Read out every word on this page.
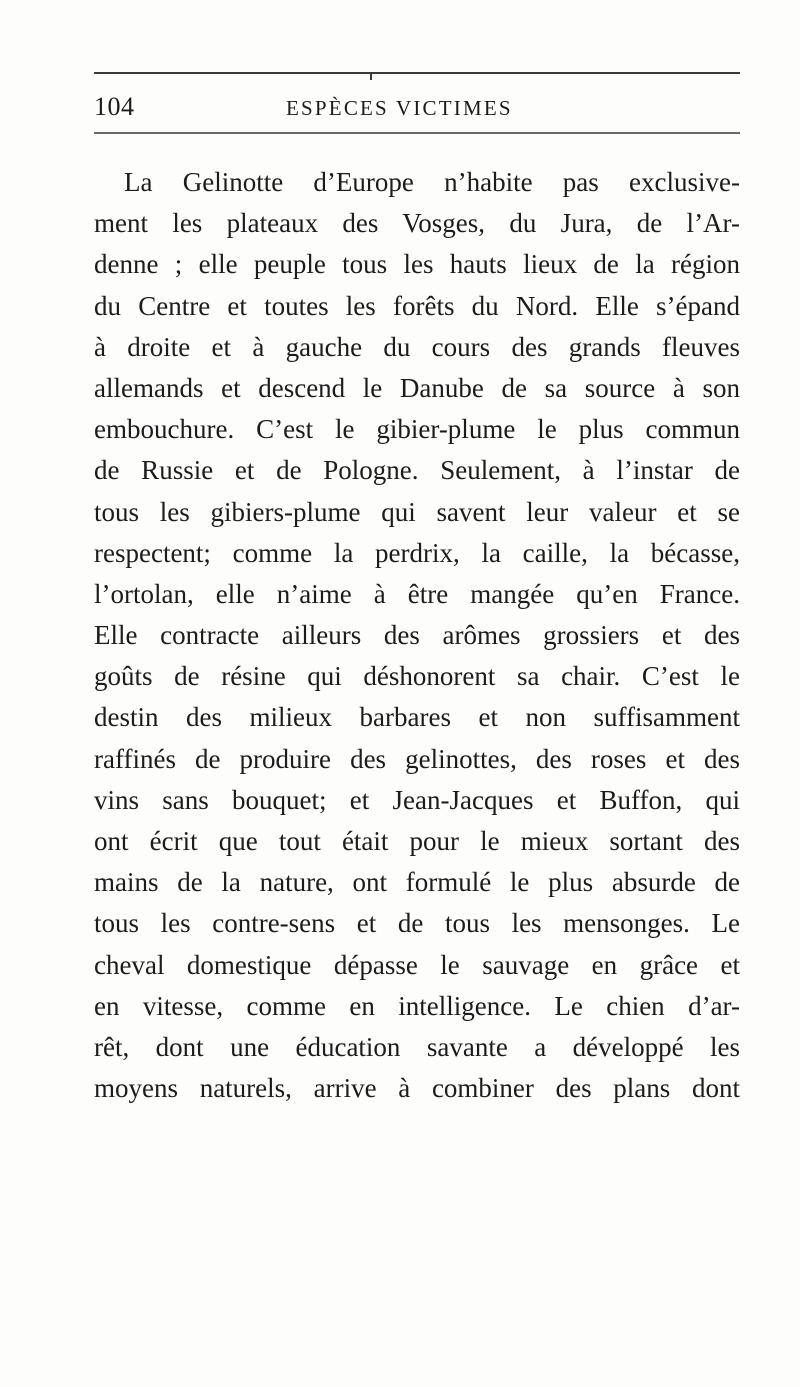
104	ESPÈCES VICTIMES
La Gelinotte d’Europe n’habite pas exclusive-
ment les plateaux des Vosges, du Jura, de l’Ar-
denne ; elle peuple tous les hauts lieux de la région
du Centre et toutes les forêts du Nord. Elle s’épand
à droite et à gauche du cours des grands fleuves
allemands et descend le Danube de sa source à son
embouchure. C’est le gibier-plume le plus commun
de Russie et de Pologne. Seulement, à l’instar de
tous les gibiers-plume qui savent leur valeur et se
respectent; comme la perdrix, la caille, la bécasse,
l’ortolan, elle n’aime à être mangée qu’en France.
Elle contracte ailleurs des arômes grossiers et des
goûts de résine qui déshonorent sa chair. C’est le
destin des milieux barbares et non suffisamment
raffinés de produire des gelinottes, des roses et des
vins sans bouquet; et Jean-Jacques et Buffon, qui
ont écrit que tout était pour le mieux sortant des
mains de la nature, ont formulé le plus absurde de
tous les contre-sens et de tous les mensonges. Le
cheval domestique dépasse le sauvage en grâce et
en vitesse, comme en intelligence. Le chien d’ar-
rêt, dont une éducation savante a développé les
moyens naturels, arrive à combiner des plans dont
